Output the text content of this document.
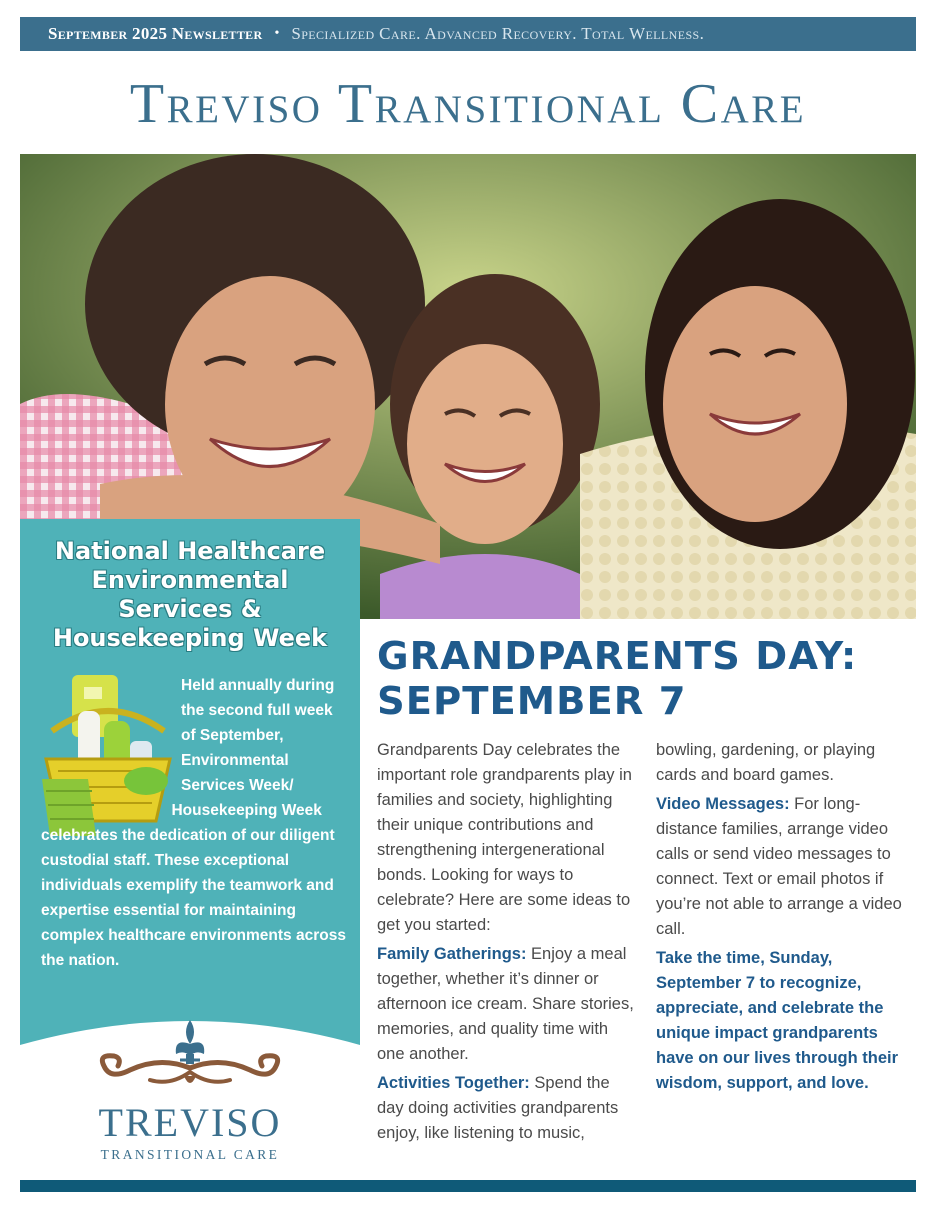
September 2025 Newsletter • Specialized Care. Advanced Recovery. Total Wellness.
Treviso Transitional Care
National Healthcare Environmental Services & Housekeeping Week
Held annually during the second full week of September, Environmental Services Week/ Housekeeping Week celebrates the dedication of our diligent custodial staff. These exceptional individuals exemplify the teamwork and expertise essential for maintaining complex healthcare environments across the nation.
TREVISO
TRANSITIONAL CARE
GRANDPARENTS DAY: SEPTEMBER 7

Grandparents Day celebrates the important role grandparents play in families and society, highlighting their unique contributions and strengthening intergenerational bonds. Looking for ways to celebrate? Here are some ideas to get you started:

Family Gatherings: Enjoy a meal together, whether it’s dinner or afternoon ice cream. Share stories, memories, and quality time with one another.

Activities Together: Spend the day doing activities grandparents enjoy, like listening to music,

bowling, gardening, or playing cards and board games.

Video Messages: For long-distance families, arrange video calls or send video messages to connect. Text or email photos if you’re not able to arrange a video call.

Take the time, Sunday, September 7 to recognize, appreciate, and celebrate the unique impact grandparents have on our lives through their wisdom, support, and love.
